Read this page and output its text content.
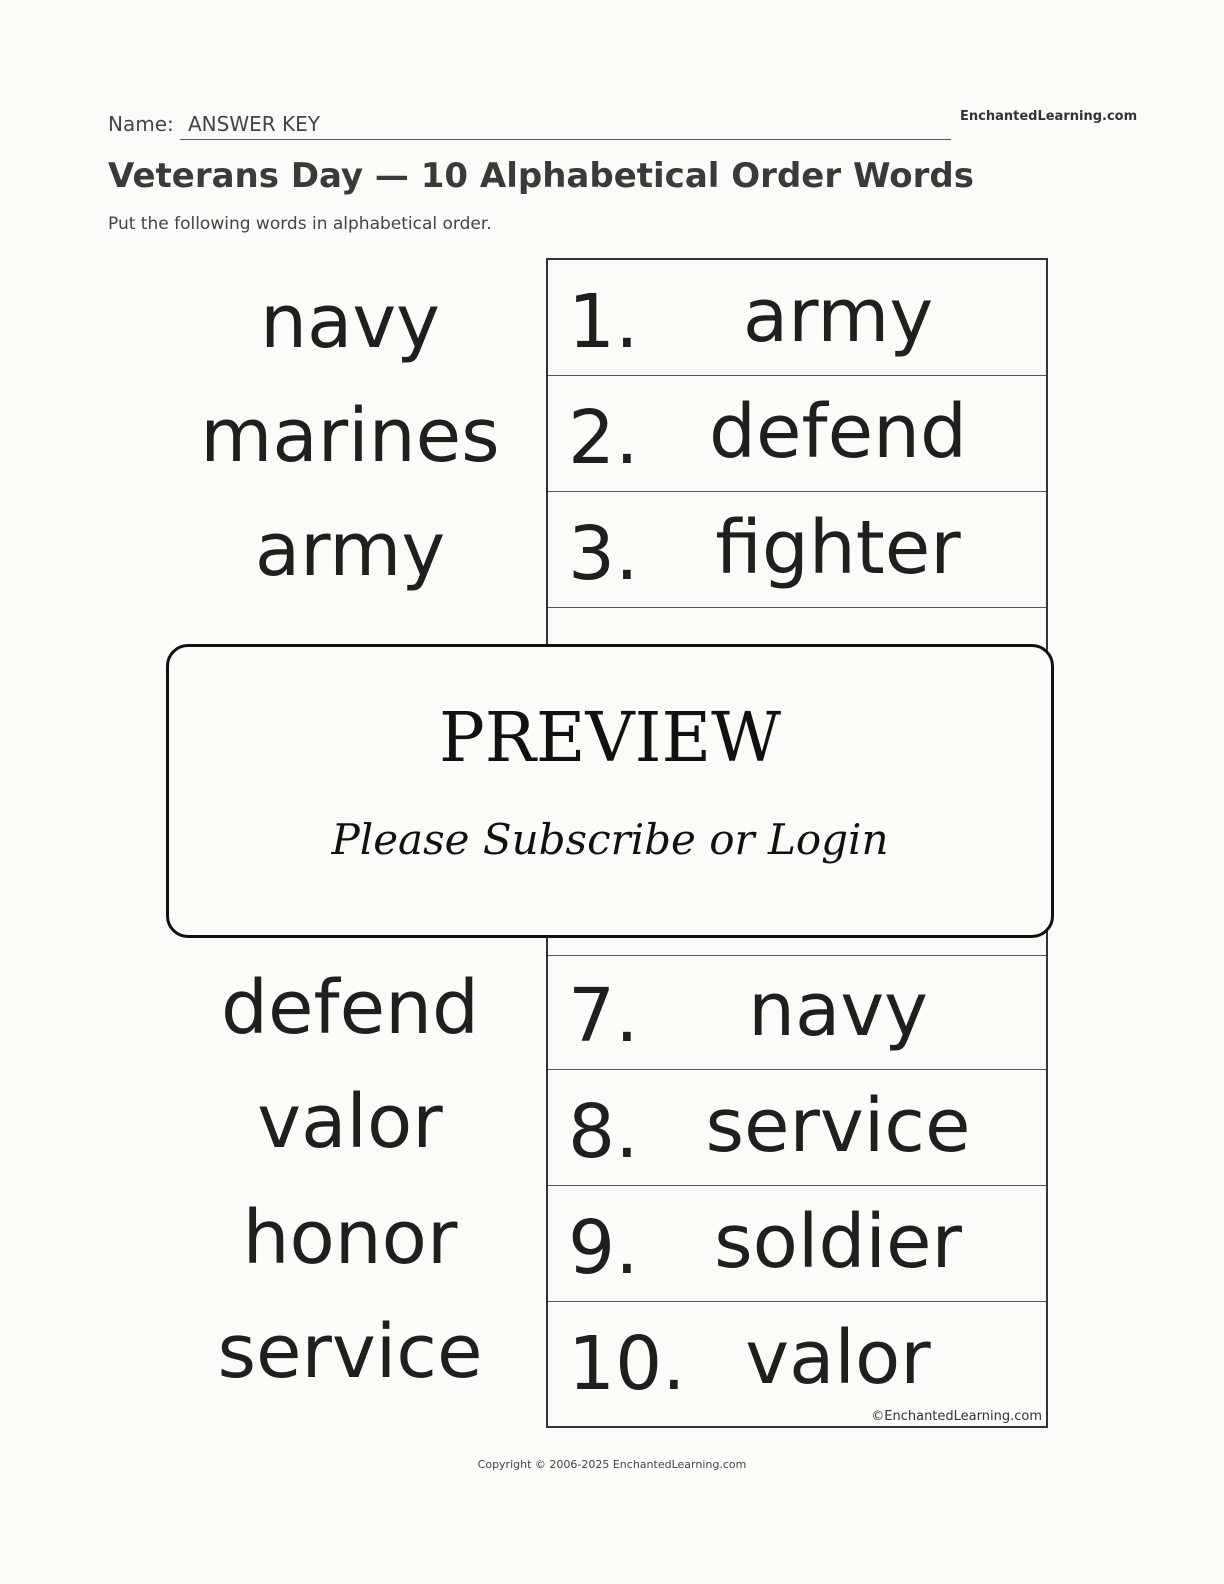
Name: ANSWER KEY	EnchantedLearning.com
Veterans Day — 10 Alphabetical Order Words
Put the following words in alphabetical order.
navy
marines
army
defend
valor
honor
service
1.	army
2. defend
3.	fighter
7.	navy
8. service
9.	soldier
10. valor
©EnchantedLearning.com
PREVIEW
Please Subscribe or Login
Copyright © 2006-2025 EnchantedLearning.com
